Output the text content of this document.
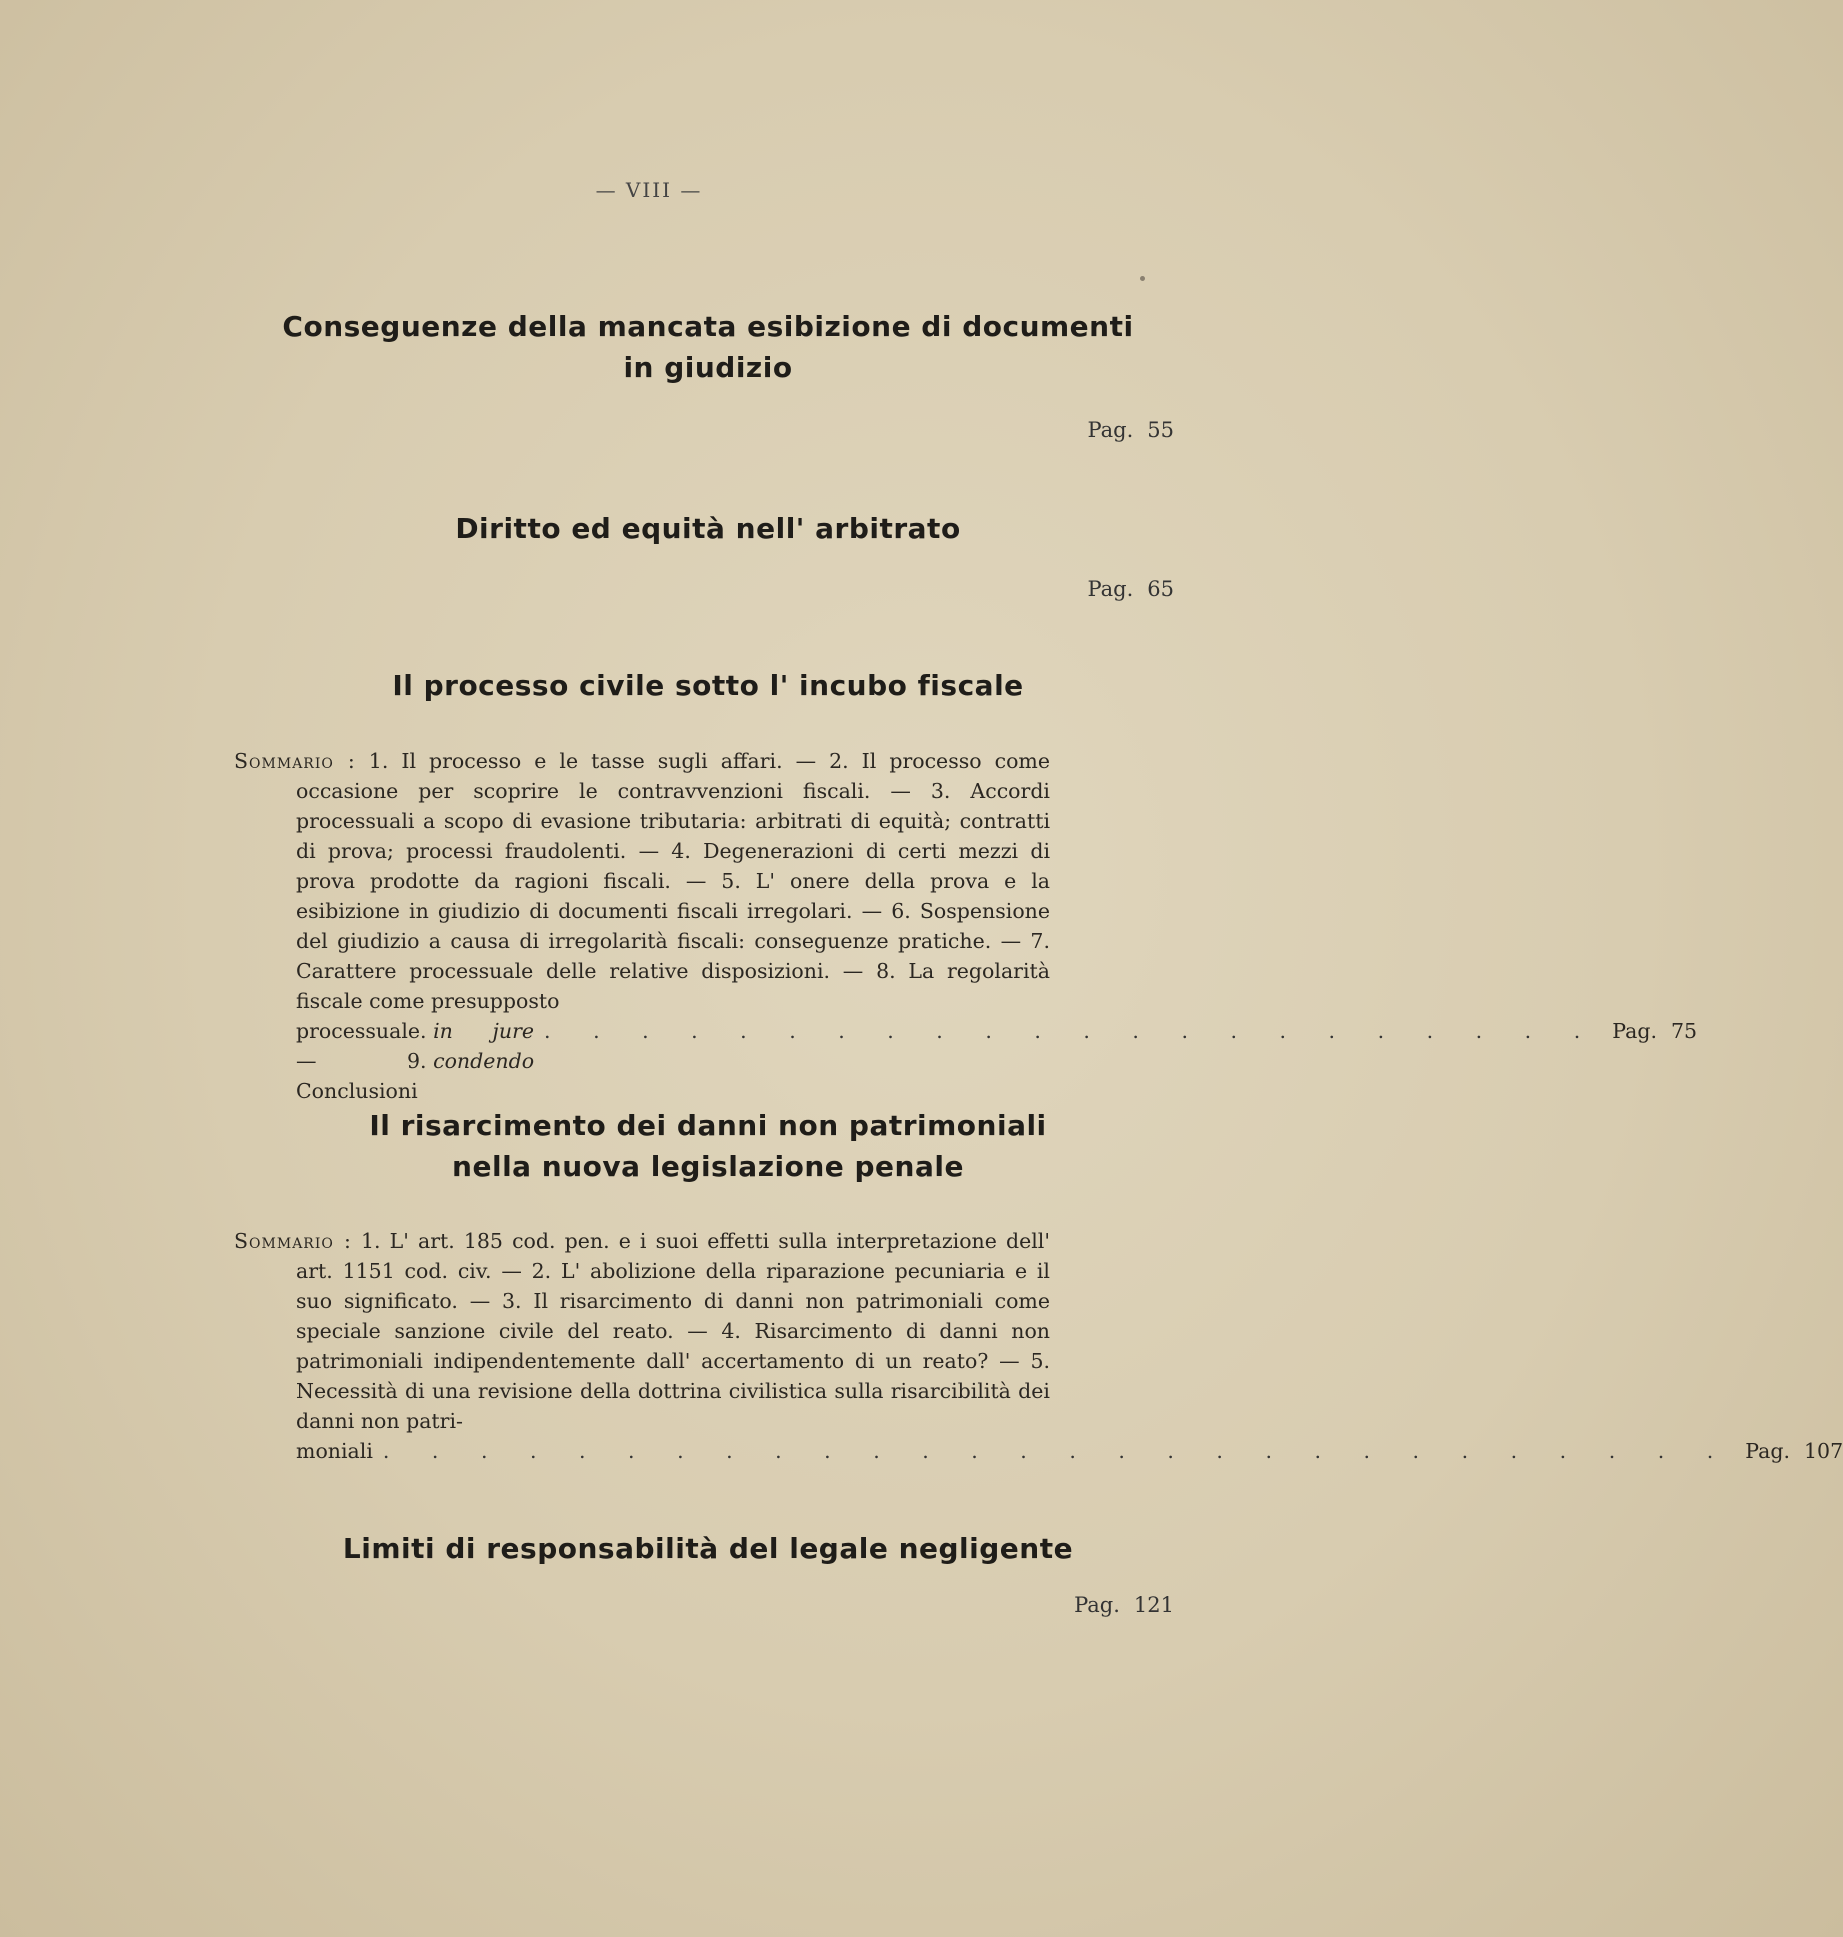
— VIII —
Conseguenze della mancata esibizione di documenti
in giudizio
Pag. 55
Diritto ed equità nell' arbitrato
Pag. 65
Il processo civile sotto l' incubo fiscale
Sommario : 1. Il processo e le tasse sugli affari. — 2. Il processo come occasione per scoprire le contravvenzioni fiscali. — 3. Accordi processuali a scopo di evasione tributaria: arbitrati di equità; contratti di prova; processi fraudolenti. — 4. Degenerazioni di certi mezzi di prova prodotte da ragioni fiscali. — 5. L' onere della prova e la esibizione in giudizio di documenti fiscali irregolari. — 6. Sospensione del giudizio a causa di irregolarità fiscali: conseguenze pratiche. — 7. Carattere processuale delle relative disposizioni. — 8. La regolarità fiscale come presupposto
processuale. — 9. Conclusioni

in jure condendo
. . . . . . . . . . . . . . . . . . . . . . Pag. 75
Il risarcimento dei danni non patrimoniali
nella nuova legislazione penale
Sommario : 1. L' art. 185 cod. pen. e i suoi effetti sulla interpretazione dell' art. 1151 cod. civ. — 2. L' abolizione della riparazione pecuniaria e il suo significato. — 3. Il risarcimento di danni non patrimoniali come speciale sanzione civile del reato. — 4. Risarcimento di danni non patrimoniali indipendentemente dall' accertamento di un reato? — 5. Necessità di una revisione della dottrina civilistica sulla risarcibilità dei danni non patri-
moniali . . . . . . . . . . . . . . . . . . . . . . . . . . . . Pag. 107
Limiti di responsabilità del legale negligente
Pag. 121
